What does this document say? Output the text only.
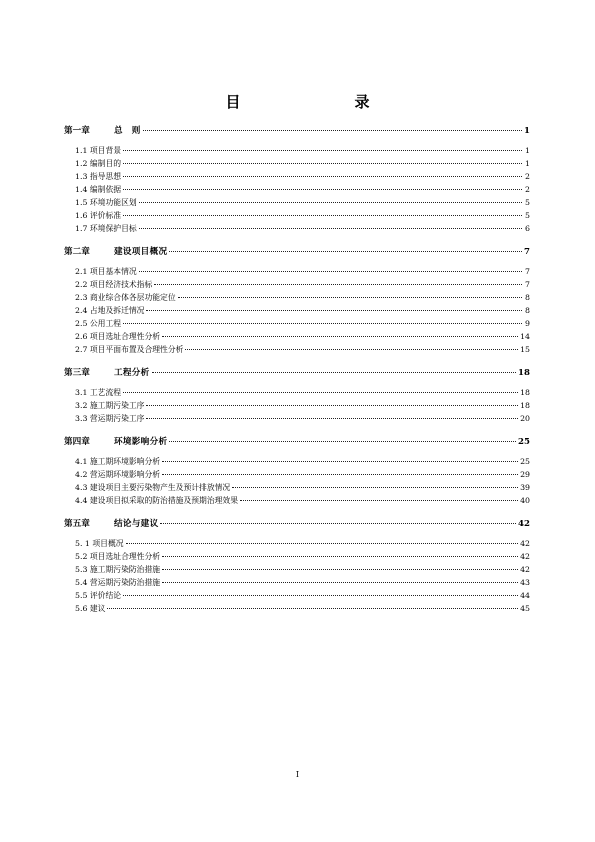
目　　录
第一章	总　则	1
1.1 项目背景	1
1.2 编制目的	1
1.3 指导思想	2
1.4 编制依据	2
1.5 环境功能区划	5
1.6 评价标准	5
1.7 环境保护目标	6
第二章	建设项目概况	7
2.1 项目基本情况	7
2.2 项目经济技术指标	7
2.3 商业综合体各层功能定位	8
2.4 占地及拆迁情况	8
2.5 公用工程	9
2.6 项目选址合理性分析	14
2.7 项目平面布置及合理性分析	15
第三章	工程分析	18
3.1 工艺流程	18
3.2 施工期污染工序	18
3.3 营运期污染工序	20
第四章	环境影响分析	25
4.1 施工期环境影响分析	25
4.2 营运期环境影响分析	29
4.3 建设项目主要污染物产生及预计排放情况	39
4.4 建设项目拟采取的防治措施及预期治理效果	40
第五章	结论与建议	42
5. 1 项目概况	42
5.2 项目选址合理性分析	42
5.3 施工期污染防治措施	42
5.4 营运期污染防治措施	43
5.5 评价结论	44
5.6 建议	45
I
